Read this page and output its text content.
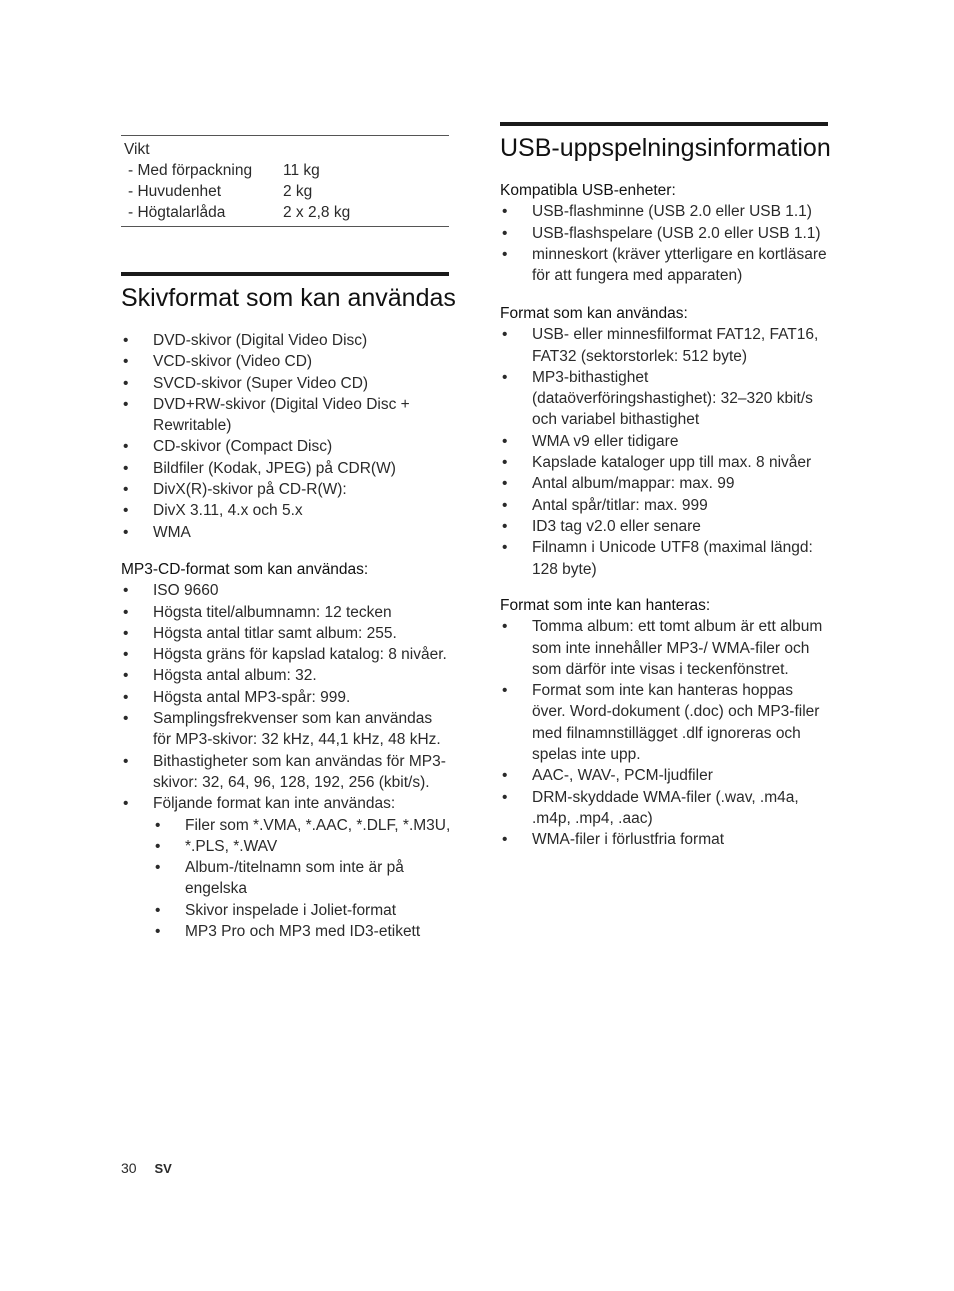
Vikt
- Med förpackning	11 kg
- Huvudenhet	2 kg
- Högtalarlåda	2 x 2,8 kg
Skivformat som kan användas
• DVD-skivor (Digital Video Disc)
• VCD-skivor (Video CD)
• SVCD-skivor (Super Video CD)
• DVD+RW-skivor (Digital Video Disc + Rewritable)
• CD-skivor (Compact Disc)
• Bildfiler (Kodak, JPEG) på CDR(W)
• DivX(R)-skivor på CD-R(W):
• DivX 3.11, 4.x och 5.x
• WMA
MP3-CD-format som kan användas:
• ISO 9660
• Högsta titel/albumnamn: 12 tecken
• Högsta antal titlar samt album: 255.
• Högsta gräns för kapslad katalog: 8 nivåer.
• Högsta antal album: 32.
• Högsta antal MP3-spår: 999.
• Samplingsfrekvenser som kan användas för MP3-skivor: 32 kHz, 44,1 kHz, 48 kHz.
• Bithastigheter som kan användas för MP3-skivor: 32, 64, 96, 128, 192, 256 (kbit/s).
• Följande format kan inte användas:
• Filer som *.VMA, *.AAC, *.DLF, *.M3U,
• *.PLS, *.WAV
• Album-/titelnamn som inte är på engelska
• Skivor inspelade i Joliet-format
• MP3 Pro och MP3 med ID3-etikett
USB-uppspelningsinformation
Kompatibla USB-enheter:
• USB-flashminne (USB 2.0 eller USB 1.1)
• USB-flashspelare (USB 2.0 eller USB 1.1)
• minneskort (kräver ytterligare en kortläsare för att fungera med apparaten)
Format som kan användas:
• USB- eller minnesfilformat FAT12, FAT16, FAT32 (sektorstorlek: 512 byte)
• MP3-bithastighet (dataöverföringshastighet): 32–320 kbit/s och variabel bithastighet
• WMA v9 eller tidigare
• Kapslade kataloger upp till max. 8 nivåer
• Antal album/mappar: max. 99
• Antal spår/titlar: max. 999
• ID3 tag v2.0 eller senare
• Filnamn i Unicode UTF8 (maximal längd: 128 byte)
Format som inte kan hanteras:
• Tomma album: ett tomt album är ett album som inte innehåller MP3-/ WMA-filer och som därför inte visas i teckenfönstret.
• Format som inte kan hanteras hoppas över. Word-dokument (.doc) och MP3-filer med filnamnstillägget .dlf ignoreras och spelas inte upp.
• AAC-, WAV-, PCM-ljudfiler
• DRM-skyddade WMA-filer (.wav, .m4a, .m4p, .mp4, .aac)
• WMA-filer i förlustfria format
30 SV
